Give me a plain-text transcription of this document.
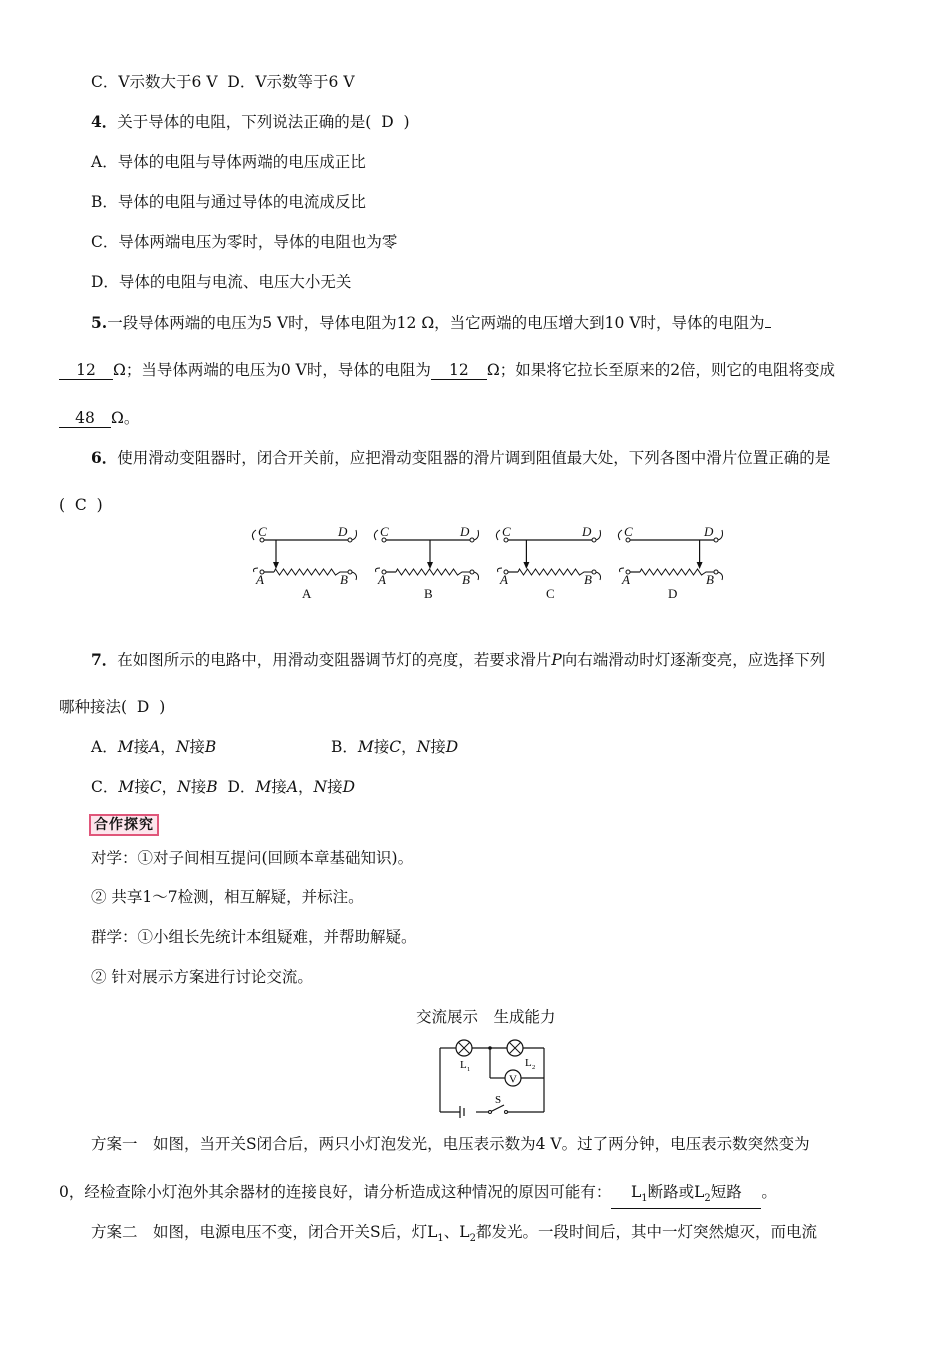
C．V示数大于6 V D．V示数等于6 V
4．关于导体的电阻，下列说法正确的是( D )
A．导体的电阻与导体两端的电压成正比
B．导体的电阻与通过导体的电流成反比
C．导体两端电压为零时，导体的电阻也为零
D．导体的电阻与电流、电压大小无关
5.一段导体两端的电压为5 V时，导体电阻为12 Ω，当它两端的电压增大到10 V时，导体的电阻为
12 Ω；当导体两端的电压为0 V时，导体的电阻为 12 Ω；如果将它拉长至原来的2倍，则它的电阻将变成
48 Ω。
6．使用滑动变阻器时，闭合开关前，应把滑动变阻器的滑片调到阻值最大处，下列各图中滑片位置正确的是
( C )
C	D
A	B
A
C	D
A	B
B
C	D
A	B
C
C	D
A	B
D
7．在如图所示的电路中，用滑动变阻器调节灯的亮度，若要求滑片P向右端滑动时灯逐渐变亮，应选择下列
哪种接法( D )
A．M接A，N接B	B．M接C，N接D
C．M接C，N接B D．M接A，N接D
合作探究
对学：①对子间相互提问(回顾本章基础知识)。
② 共享1～7检测，相互解疑，并标注。
群学：①小组长先统计本组疑难，并帮助解疑。
② 针对展示方案进行讨论交流。
交流展示　生成能力
V
L 1
L 2
S
方案一　如图，当开关S闭合后，两只小灯泡发光，电压表示数为4 V。过了两分钟，电压表示数突然变为
0，经检查除小灯泡外其余器材的连接良好，请分析造成这种情况的原因可能有： $L_1$断路或$L_2$短路 。
方案二　如图，电源电压不变，闭合开关S后，灯$L_1$、$L_2$都发光。一段时间后，其中一灯突然熄灭，而电流
